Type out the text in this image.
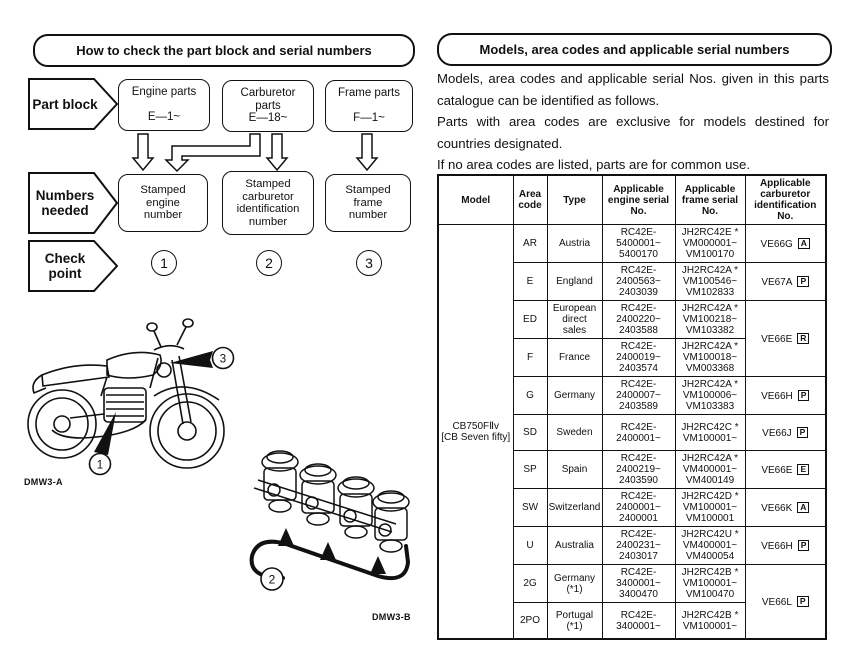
How to check the part block and serial numbers
Part block
Engine parts
E—1~
Carburetor parts
E—18~
Frame parts
F—1~
Numbers needed
Stamped engine number
Stamped carburetor identification number
Stamped frame number
Check point
1	2	3
3
1
DMW3-A
2
DMW3-B
Models, area codes and applicable serial numbers

Models, area codes and applicable serial Nos. given in this parts catalogue can be identified as follows.

Parts with area codes are exclusive for models destined for countries designated.

If no area codes are listed, parts are for common use.

Model	Area code	Type	Applicable engine serial No.	Applicable frame serial No.	Applicable carburetor identification No.
CB750FⅡv
[CB Seven fifty]	AR	Austria	RC42E-
5400001~
5400170	JH2RC42E *
VM000001~
VM100170	VE66G A
	E	England	RC42E-
2400563~
2403039	JH2RC42A *
VM100546~
VM102833	VE67A P
	ED	European
direct
sales	RC42E-
2400220~
2403588	JH2RC42A *
VM100218~
VM103382	VE66E R
	F	France	RC42E-
2400019~
2403574	JH2RC42A *
VM100018~
VM003368	
	G	Germany	RC42E-
2400007~
2403589	JH2RC42A *
VM100006~
VM103383	VE66H P
	SD	Sweden	RC42E-
2400001~	JH2RC42C *
VM100001~	VE66J P
	SP	Spain	RC42E-
2400219~
2403590	JH2RC42A *
VM400001~
VM400149	VE66E E
	SW	Switzerland	RC42E-
2400001~
2400001	JH2RC42D *
VM100001~
VM100001	VE66K A
	U	Australia	RC42E-
2400231~
2403017	JH2RC42U *
VM400001~
VM400054	VE66H P
	2G	Germany
(*1)	RC42E-
3400001~
3400470	JH2RC42B *
VM100001~
VM100470	VE66L P
	2PO	Portugal
(*1)	RC42E-
3400001~	JH2RC42B *
VM100001~	
